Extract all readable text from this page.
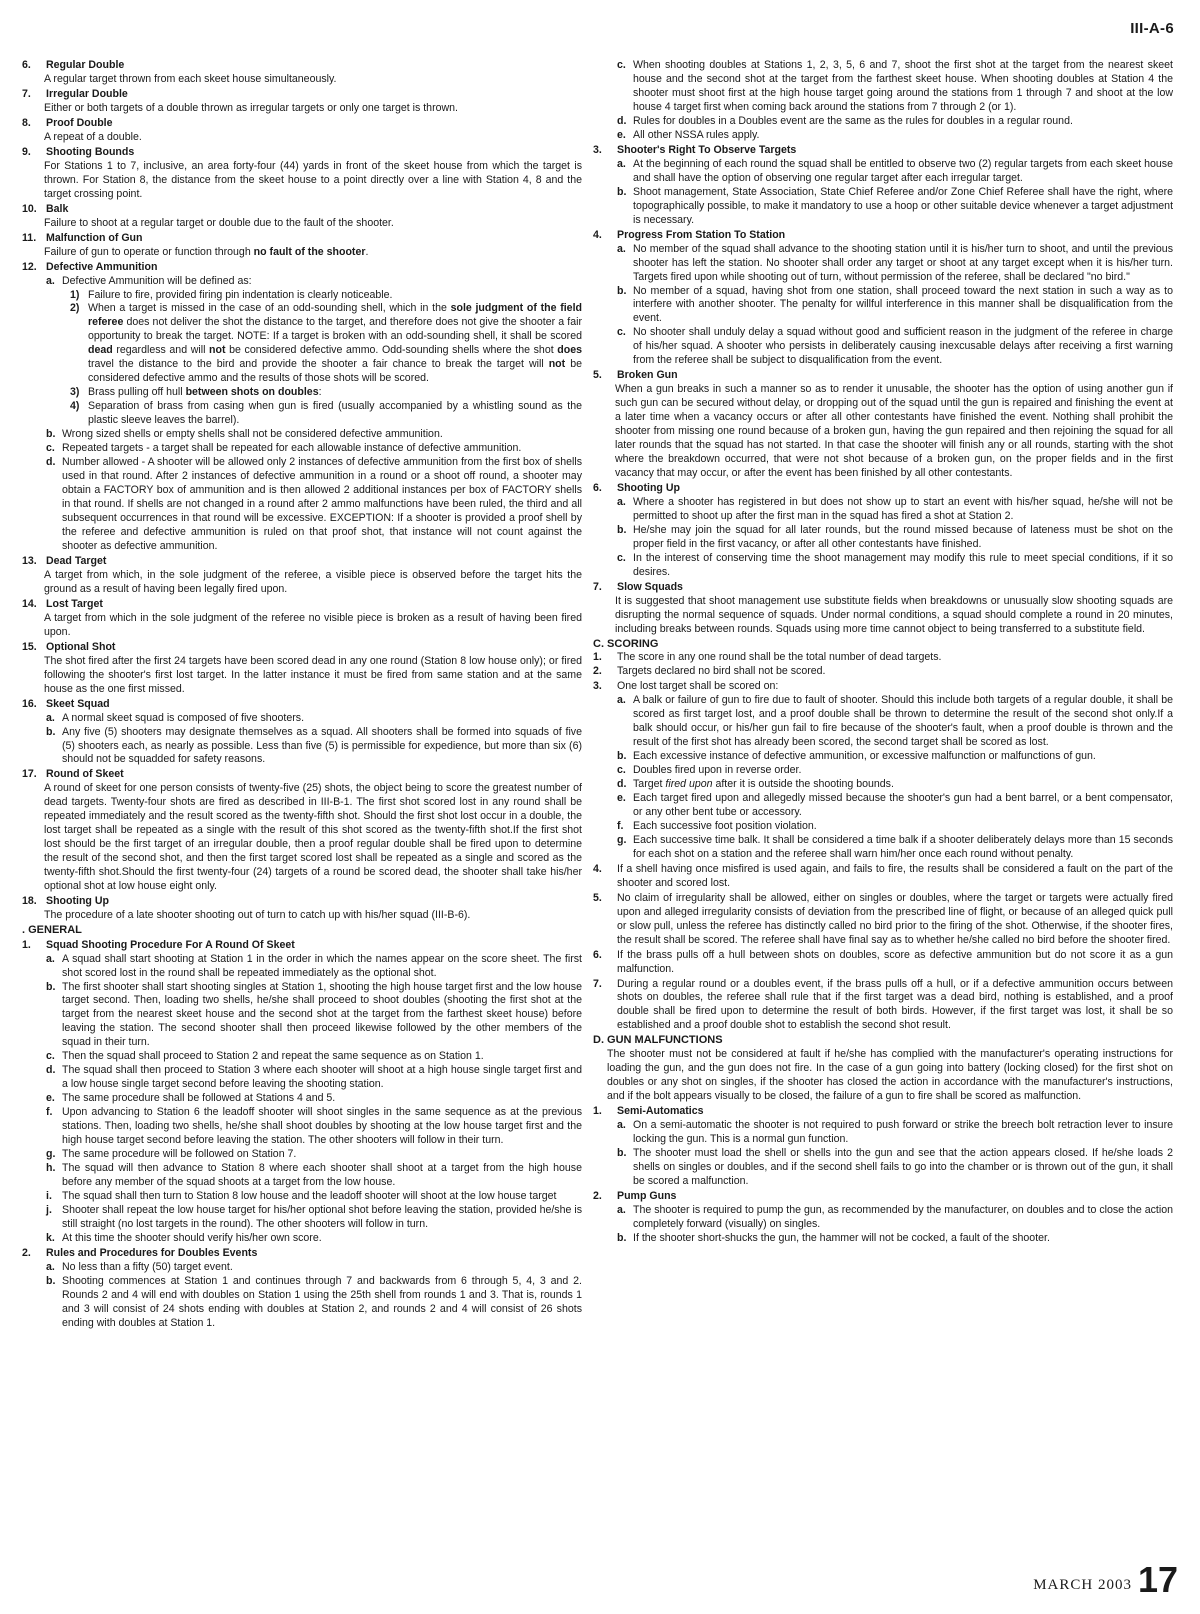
III-A-6

6. Regular Double

A regular target thrown from each skeet house simultaneously.

7. Irregular Double

Either or both targets of a double thrown as irregular targets or only one target is thrown.

8. Proof Double

A repeat of a double.

9. Shooting Bounds

For Stations 1 to 7, inclusive, an area forty-four (44) yards in front of the skeet house from which the target is thrown. For Station 8, the distance from the skeet house to a point directly over a line with Station 4, 8 and the target crossing point.

10. Balk

Failure to shoot at a regular target or double due to the fault of the shooter.

11. Malfunction of Gun

Failure of gun to operate or function through no fault of the shooter.

12. Defective Ammunition

a. Defective Ammunition will be defined as:
1) Failure to fire, provided firing pin indentation is clearly noticeable.
2) When a target is missed in the case of an odd-sounding shell, which in the sole judgment of the field referee does not deliver the shot the distance to the target, and therefore does not give the shooter a fair opportunity to break the target. NOTE: If a target is broken with an odd-sounding shell, it shall be scored dead regardless and will not be considered defective ammo. Odd-sounding shells where the shot does travel the distance to the bird and provide the shooter a fair chance to break the target will not be considered defective ammo and the results of those shots will be scored.
3) Brass pulling off hull between shots on doubles:
4) Separation of brass from casing when gun is fired (usually accompanied by a whistling sound as the plastic sleeve leaves the barrel).
b. Wrong sized shells or empty shells shall not be considered defective ammunition.
c. Repeated targets - a target shall be repeated for each allowable instance of defective ammunition.
d. Number allowed - A shooter will be allowed only 2 instances of defective ammunition from the first box of shells used in that round. After 2 instances of defective ammunition in a round or a shoot off round, a shooter may obtain a FACTORY box of ammunition and is then allowed 2 additional instances per box of FACTORY shells in that round. If shells are not changed in a round after 2 ammo malfunctions have been ruled, the third and all subsequent occurrences in that round will be excessive. EXCEPTION: If a shooter is provided a proof shell by the referee and defective ammunition is ruled on that proof shot, that instance will not count against the shooter as defective ammunition.

13. Dead Target

A target from which, in the sole judgment of the referee, a visible piece is observed before the target hits the ground as a result of having been legally fired upon.

14. Lost Target

A target from which in the sole judgment of the referee no visible piece is broken as a result of having been fired upon.

15. Optional Shot

The shot fired after the first 24 targets have been scored dead in any one round (Station 8 low house only); or fired following the shooter's first lost target. In the latter instance it must be fired from same station and at the same house as the one first missed.

16. Skeet Squad

a. A normal skeet squad is composed of five shooters.
b. Any five (5) shooters may designate themselves as a squad. All shooters shall be formed into squads of five (5) shooters each, as nearly as possible. Less than five (5) is permissible for expedience, but more than six (6) should not be squadded for safety reasons.

17. Round of Skeet

A round of skeet for one person consists of twenty-five (25) shots, the object being to score the greatest number of dead targets. Twenty-four shots are fired as described in III-B-1. The first shot scored lost in any round shall be repeated immediately and the result scored as the twenty-fifth shot. Should the first shot lost occur in a double, the lost target shall be repeated as a single with the result of this shot scored as the twenty-fifth shot.If the first shot lost should be the first target of an irregular double, then a proof regular double shall be fired upon to determine the result of the second shot, and then the first target scored lost shall be repeated as a single and scored as the twenty-fifth shot.Should the first twenty-four (24) targets of a round be scored dead, the shooter shall take his/her optional shot at low house eight only.

18. Shooting Up

The procedure of a late shooter shooting out of turn to catch up with his/her squad (III-B-6).

. GENERAL

1. Squad Shooting Procedure For A Round Of Skeet

a. A squad shall start shooting at Station 1 in the order in which the names appear on the score sheet. The first shot scored lost in the round shall be repeated immediately as the optional shot.
b. The first shooter shall start shooting singles at Station 1, shooting the high house target first and the low house target second. Then, loading two shells, he/she shall proceed to shoot doubles (shooting the first shot at the target from the nearest skeet house and the second shot at the target from the farthest skeet house) before leaving the station. The second shooter shall then proceed likewise followed by the other members of the squad in their turn.
c. Then the squad shall proceed to Station 2 and repeat the same sequence as on Station 1.
d. The squad shall then proceed to Station 3 where each shooter will shoot at a high house single target first and a low house single target second before leaving the shooting station.
e. The same procedure shall be followed at Stations 4 and 5.
f. Upon advancing to Station 6 the leadoff shooter will shoot singles in the same sequence as at the previous stations. Then, loading two shells, he/she shall shoot doubles by shooting at the low house target first and the high house target second before leaving the station. The other shooters will follow in their turn.
g. The same procedure will be followed on Station 7.
h. The squad will then advance to Station 8 where each shooter shall shoot at a target from the high house before any member of the squad shoots at a target from the low house.
i. The squad shall then turn to Station 8 low house and the leadoff shooter will shoot at the low house target
j. Shooter shall repeat the low house target for his/her optional shot before leaving the station, provided he/she is still straight (no lost targets in the round). The other shooters will follow in turn.
k. At this time the shooter should verify his/her own score.

2. Rules and Procedures for Doubles Events

a. No less than a fifty (50) target event.
b. Shooting commences at Station 1 and continues through 7 and backwards from 6 through 5, 4, 3 and 2. Rounds 2 and 4 will end with doubles on Station 1 using the 25th shell from rounds 1 and 3. That is, rounds 1 and 3 will consist of 24 shots ending with doubles at Station 2, and rounds 2 and 4 will consist of 26 shots ending with doubles at Station 1.
c. When shooting doubles at Stations 1, 2, 3, 5, 6 and 7, shoot the first shot at the target from the nearest skeet house and the second shot at the target from the farthest skeet house. When shooting doubles at Station 4 the shooter must shoot first at the high house target going around the stations from 1 through 7 and shoot at the low house 4 target first when coming back around the stations from 7 through 2 (or 1).
d. Rules for doubles in a Doubles event are the same as the rules for doubles in a regular round.
e. All other NSSA rules apply.

3. Shooter's Right To Observe Targets

a. At the beginning of each round the squad shall be entitled to observe two (2) regular targets from each skeet house and shall have the option of observing one regular target after each irregular target.
b. Shoot management, State Association, State Chief Referee and/or Zone Chief Referee shall have the right, where topographically possible, to make it mandatory to use a hoop or other suitable device whenever a target adjustment is necessary.

4. Progress From Station To Station

a. No member of the squad shall advance to the shooting station until it is his/her turn to shoot, and until the previous shooter has left the station. No shooter shall order any target or shoot at any target except when it is his/her turn. Targets fired upon while shooting out of turn, without permission of the referee, shall be declared "no bird."
b. No member of a squad, having shot from one station, shall proceed toward the next station in such a way as to interfere with another shooter. The penalty for willful interference in this manner shall be disqualification from the event.
c. No shooter shall unduly delay a squad without good and sufficient reason in the judgment of the referee in charge of his/her squad. A shooter who persists in deliberately causing inexcusable delays after receiving a first warning from the referee shall be subject to disqualification from the event.

5. Broken Gun

When a gun breaks in such a manner so as to render it unusable, the shooter has the option of using another gun if such gun can be secured without delay, or dropping out of the squad until the gun is repaired and finishing the event at a later time when a vacancy occurs or after all other contestants have finished the event. Nothing shall prohibit the shooter from missing one round because of a broken gun, having the gun repaired and then rejoining the squad for all later rounds that the squad has not started. In that case the shooter will finish any or all rounds, starting with the shot where the breakdown occurred, that were not shot because of a broken gun, on the proper fields and in the first vacancy that may occur, or after the event has been finished by all other contestants.

6. Shooting Up

a. Where a shooter has registered in but does not show up to start an event with his/her squad, he/she will not be permitted to shoot up after the first man in the squad has fired a shot at Station 2.
b. He/she may join the squad for all later rounds, but the round missed because of lateness must be shot on the proper field in the first vacancy, or after all other contestants have finished.
c. In the interest of conserving time the shoot management may modify this rule to meet special conditions, if it so desires.

7. Slow Squads

It is suggested that shoot management use substitute fields when breakdowns or unusually slow shooting squads are disrupting the normal sequence of squads. Under normal conditions, a squad should complete a round in 20 minutes, including breaks between rounds. Squads using more time cannot object to being transferred to a substitute field.

C. SCORING

1. The score in any one round shall be the total number of dead targets.

2. Targets declared no bird shall not be scored.

3. One lost target shall be scored on:

a. A balk or failure of gun to fire due to fault of shooter. Should this include both targets of a regular double, it shall be scored as first target lost, and a proof double shall be thrown to determine the result of the second shot only.If a balk should occur, or his/her gun fail to fire because of the shooter's fault, when a proof double is thrown and the result of the first shot has already been scored, the second target shall be scored as lost.
b. Each excessive instance of defective ammunition, or excessive malfunction or malfunctions of gun.
c. Doubles fired upon in reverse order.
d. Target fired upon after it is outside the shooting bounds.
e. Each target fired upon and allegedly missed because the shooter's gun had a bent barrel, or a bent compensator, or any other bent tube or accessory.
f. Each successive foot position violation.
g. Each successive time balk. It shall be considered a time balk if a shooter deliberately delays more than 15 seconds for each shot on a station and the referee shall warn him/her once each round without penalty.
4.	If a shell having once misfired is used again, and fails to fire, the results shall be considered a fault on the part of the shooter and scored lost.
5.	No claim of irregularity shall be allowed, either on singles or doubles, where the target or targets were actually fired upon and alleged irregularity consists of deviation from the prescribed line of flight, or because of an alleged quick pull or slow pull, unless the referee has distinctly called no bird prior to the firing of the shot. Otherwise, if the shooter fires, the result shall be scored. The referee shall have final say as to whether he/she called no bird before the shooter fired.
6.	If the brass pulls off a hull between shots on doubles, score as defective ammunition but do not score it as a gun malfunction.
7.	During a regular round or a doubles event, if the brass pulls off a hull, or if a defective ammunition occurs between shots on doubles, the referee shall rule that if the first target was a dead bird, nothing is established, and a proof double shall be fired upon to determine the result of both birds. However, if the first target was lost, it shall be so established and a proof double shot to establish the second shot result.

D. GUN MALFUNCTIONS

The shooter must not be considered at fault if he/she has complied with the manufacturer's operating instructions for loading the gun, and the gun does not fire. In the case of a gun going into battery (locking closed) for the first shot on doubles or any shot on singles, if the shooter has closed the action in accordance with the manufacturer's instructions, and if the bolt appears visually to be closed, the failure of a gun to fire shall be scored as malfunction.

1. Semi-Automatics

a. On a semi-automatic the shooter is not required to push forward or strike the breech bolt retraction lever to insure locking the gun. This is a normal gun function.
b. The shooter must load the shell or shells into the gun and see that the action appears closed. If he/she loads 2 shells on singles or doubles, and if the second shell fails to go into the chamber or is thrown out of the gun, it shall be scored a malfunction.

2. Pump Guns

a. The shooter is required to pump the gun, as recommended by the manufacturer, on doubles and to close the action completely forward (visually) on singles.
b. If the shooter short-shucks the gun, the hammer will not be cocked, a fault of the shooter.
MARCH 2003 17
